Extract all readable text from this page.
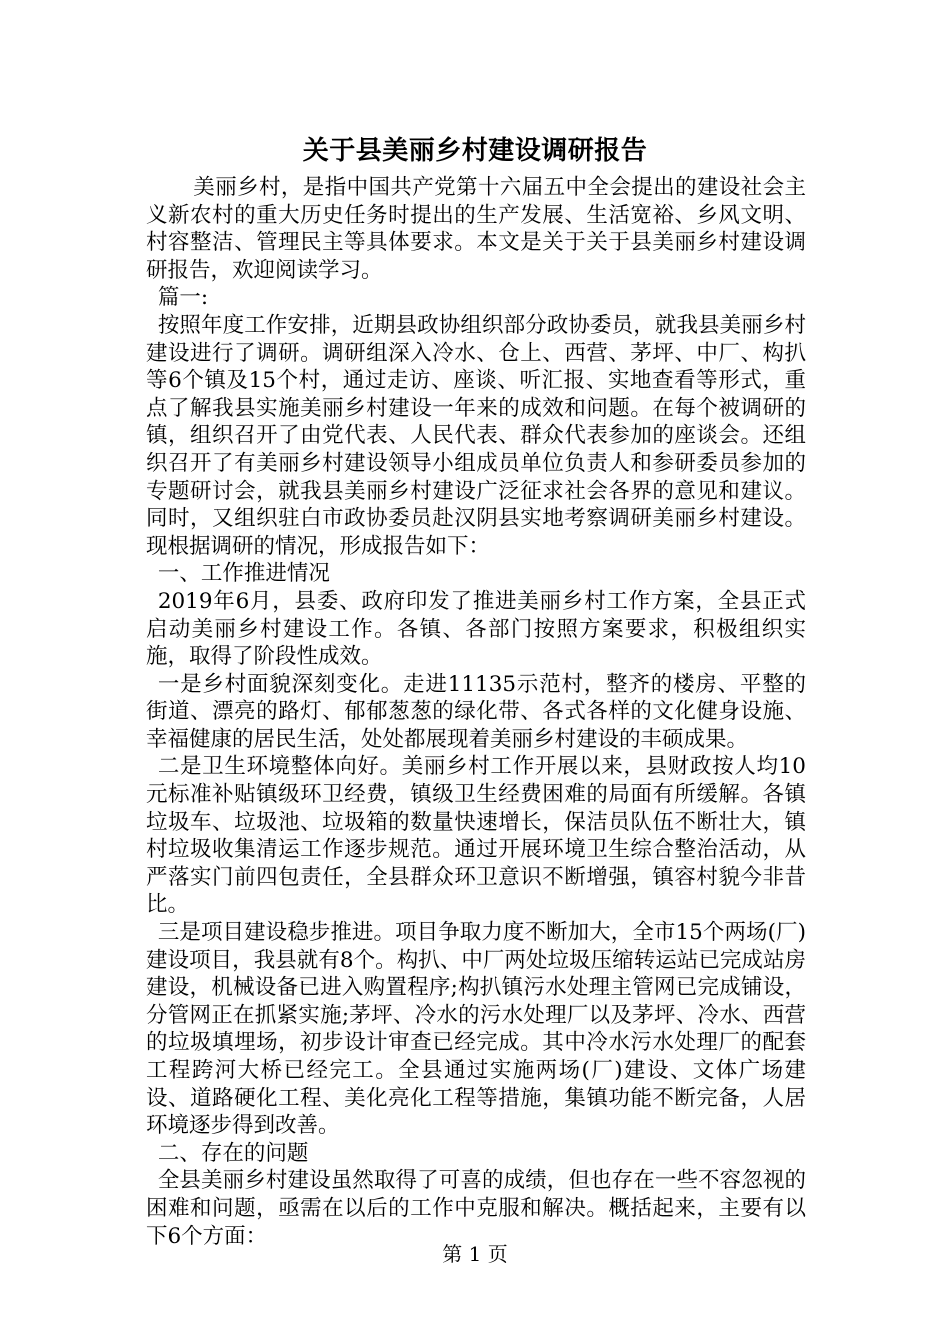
关于县美丽乡村建设调研报告

美丽乡村，是指中国共产党第十六届五中全会提出的建设社会主义新农村的重大历史任务时提出的生产发展、生活宽裕、乡风文明、村容整洁、管理民主等具体要求。本文是关于关于县美丽乡村建设调研报告，欢迎阅读学习。

篇一:

按照年度工作安排，近期县政协组织部分政协委员，就我县美丽乡村建设进行了调研。调研组深入冷水、仓上、西营、茅坪、中厂、构扒等6个镇及15个村，通过走访、座谈、听汇报、实地查看等形式，重点了解我县实施美丽乡村建设一年来的成效和问题。在每个被调研的镇，组织召开了由党代表、人民代表、群众代表参加的座谈会。还组织召开了有美丽乡村建设领导小组成员单位负责人和参研委员参加的专题研讨会，就我县美丽乡村建设广泛征求社会各界的意见和建议。同时，又组织驻白市政协委员赴汉阴县实地考察调研美丽乡村建设。现根据调研的情况，形成报告如下：

一、工作推进情况

2019年6月，县委、政府印发了推进美丽乡村工作方案，全县正式启动美丽乡村建设工作。各镇、各部门按照方案要求，积极组织实施，取得了阶段性成效。

一是乡村面貌深刻变化。走进11135示范村，整齐的楼房、平整的街道、漂亮的路灯、郁郁葱葱的绿化带、各式各样的文化健身设施、幸福健康的居民生活，处处都展现着美丽乡村建设的丰硕成果。

二是卫生环境整体向好。美丽乡村工作开展以来，县财政按人均10元标准补贴镇级环卫经费，镇级卫生经费困难的局面有所缓解。各镇垃圾车、垃圾池、垃圾箱的数量快速增长，保洁员队伍不断壮大，镇村垃圾收集清运工作逐步规范。通过开展环境卫生综合整治活动，从严落实门前四包责任，全县群众环卫意识不断增强，镇容村貌今非昔比。

三是项目建设稳步推进。项目争取力度不断加大，全市15个两场(厂)建设项目，我县就有8个。构扒、中厂两处垃圾压缩转运站已完成站房建设，机械设备已进入购置程序;构扒镇污水处理主管网已完成铺设，分管网正在抓紧实施;茅坪、冷水的污水处理厂以及茅坪、冷水、西营的垃圾填埋场，初步设计审查已经完成。其中冷水污水处理厂的配套工程跨河大桥已经完工。全县通过实施两场(厂)建设、文体广场建设、道路硬化工程、美化亮化工程等措施，集镇功能不断完备，人居环境逐步得到改善。

二、存在的问题

全县美丽乡村建设虽然取得了可喜的成绩，但也存在一些不容忽视的困难和问题，亟需在以后的工作中克服和解决。概括起来，主要有以下6个方面：

第 1 页
